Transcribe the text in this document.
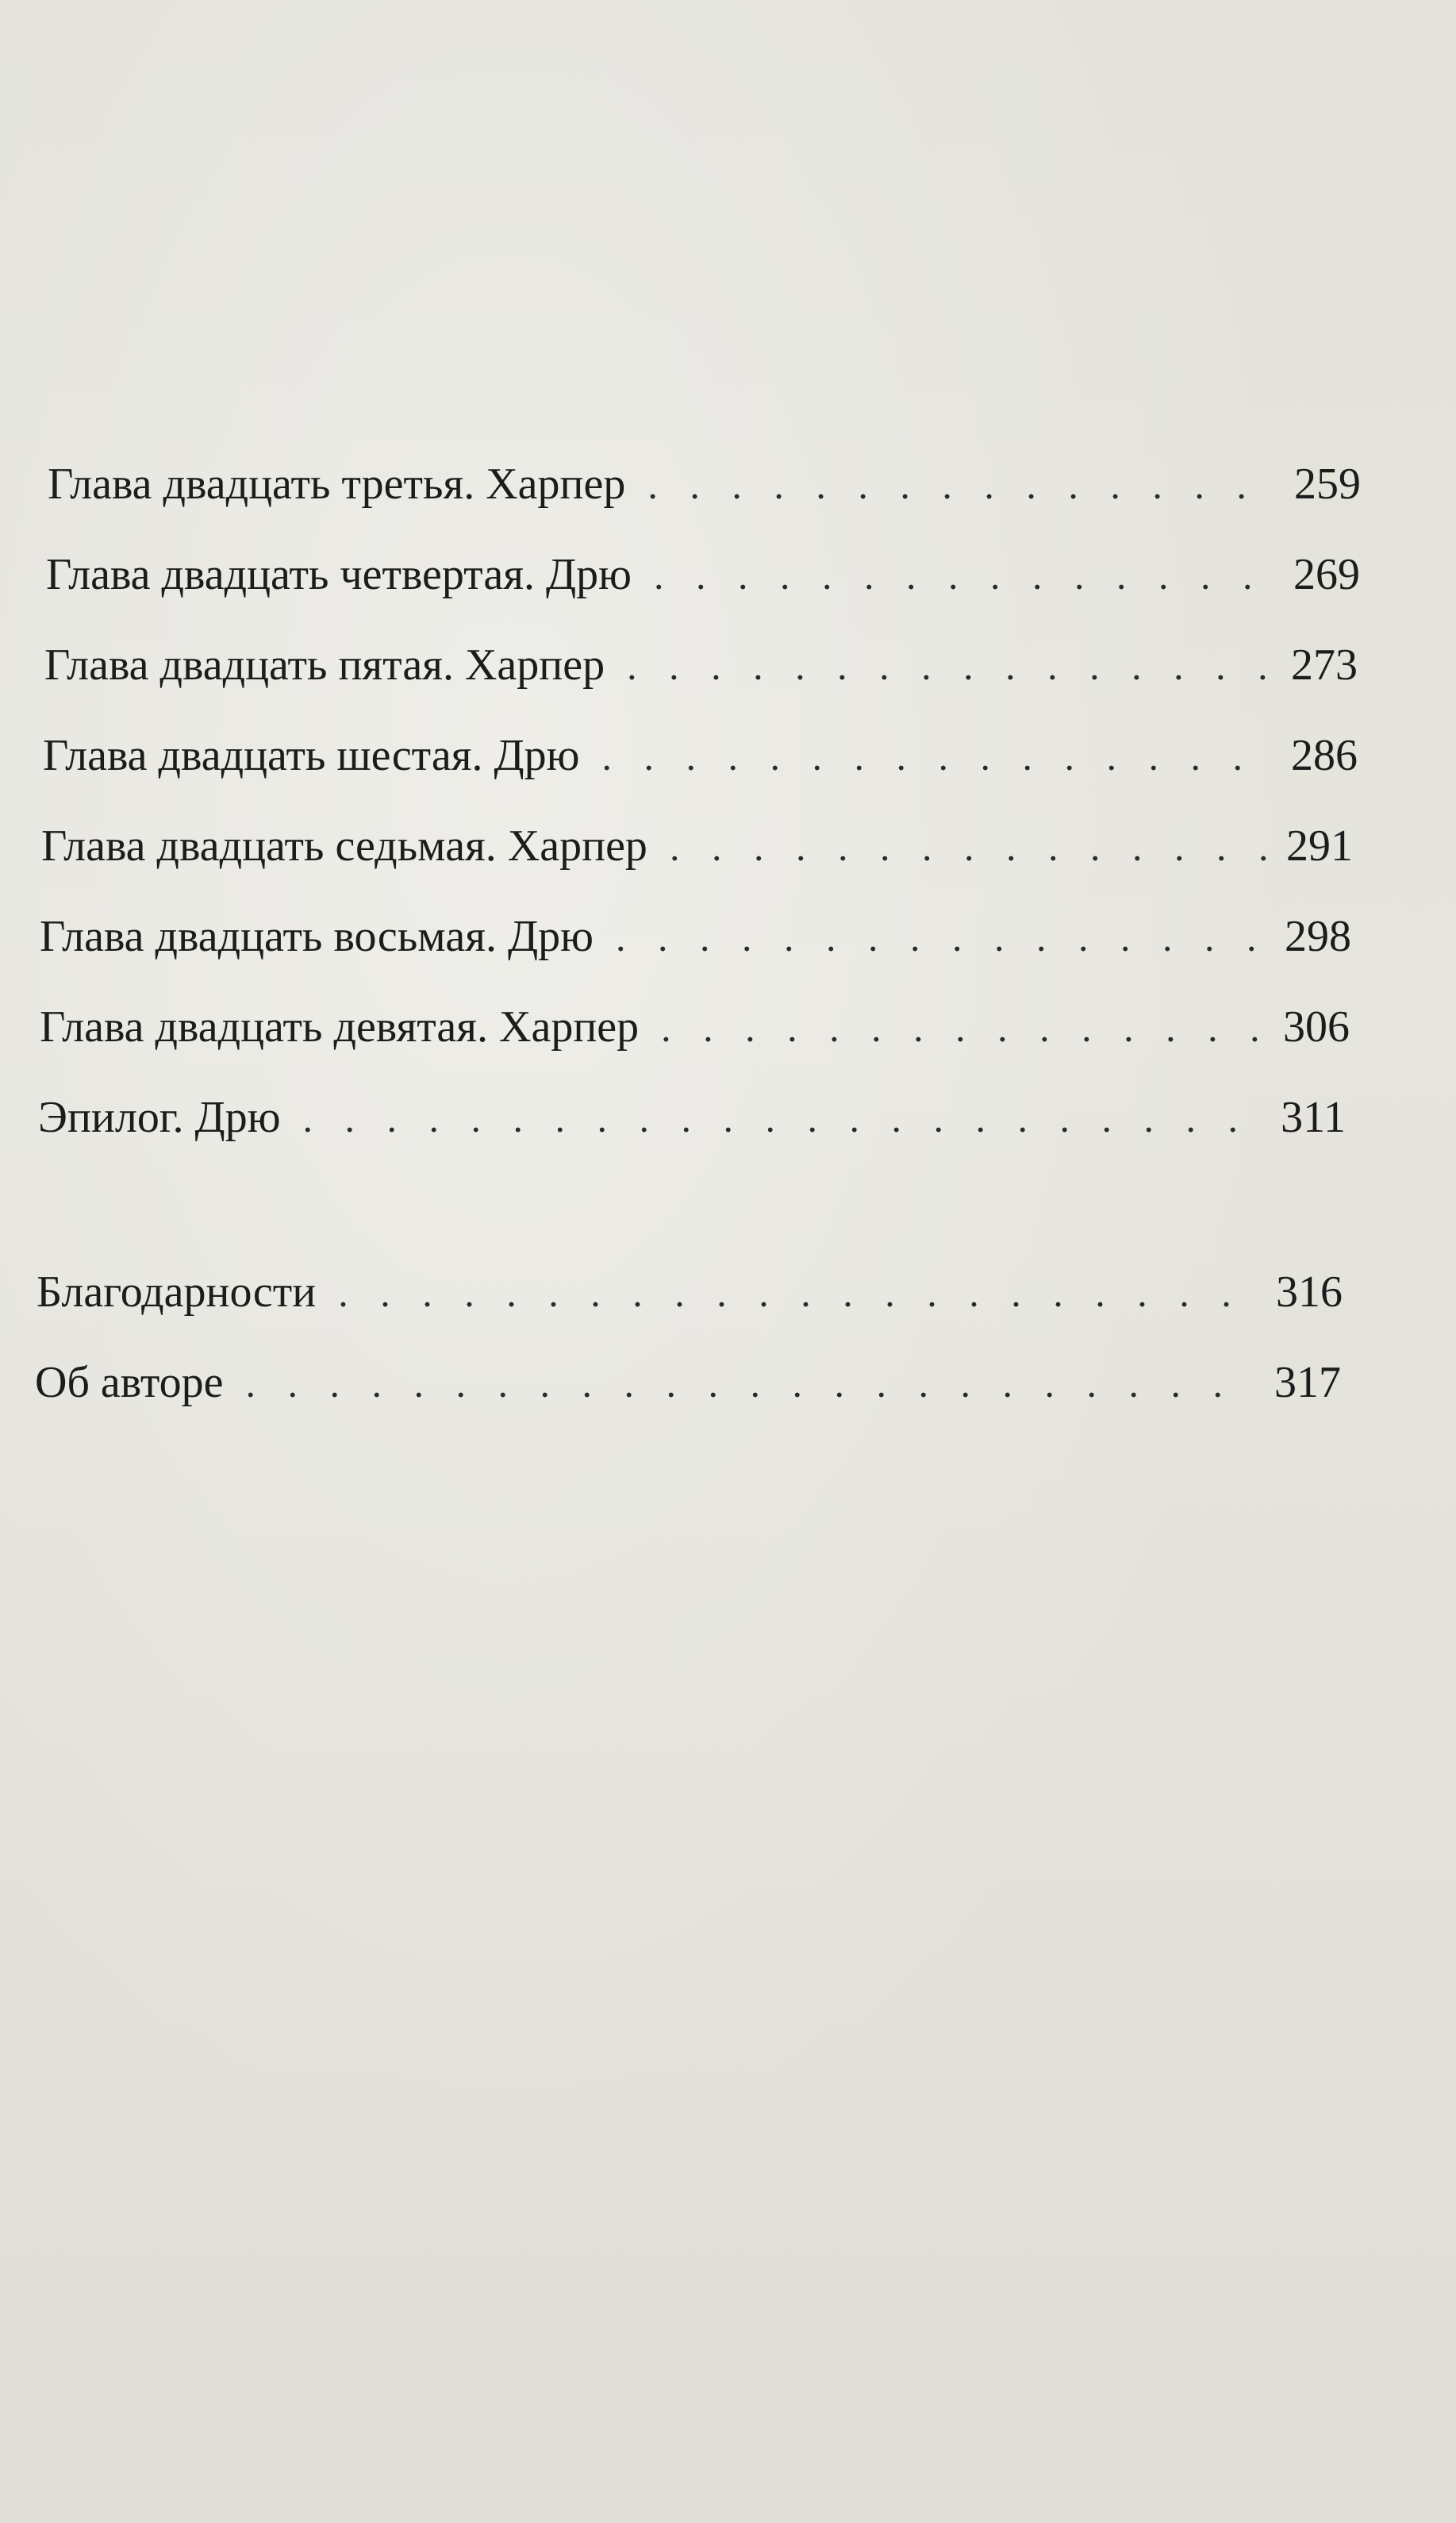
Глава двадцать третья. Харпер . . .	259
Глава двадцать четвертая. Дрю . . .	269
Глава двадцать пятая. Харпер . . .	273
Глава двадцать шестая. Дрю . . .	286
Глава двадцать седьмая. Харпер . . .	291
Глава двадцать восьмая. Дрю . . .	298
Глава двадцать девятая. Харпер . . .	306
Эпилог. Дрю . . .	311
Благодарности . . .	316
Об авторе . . .	317
